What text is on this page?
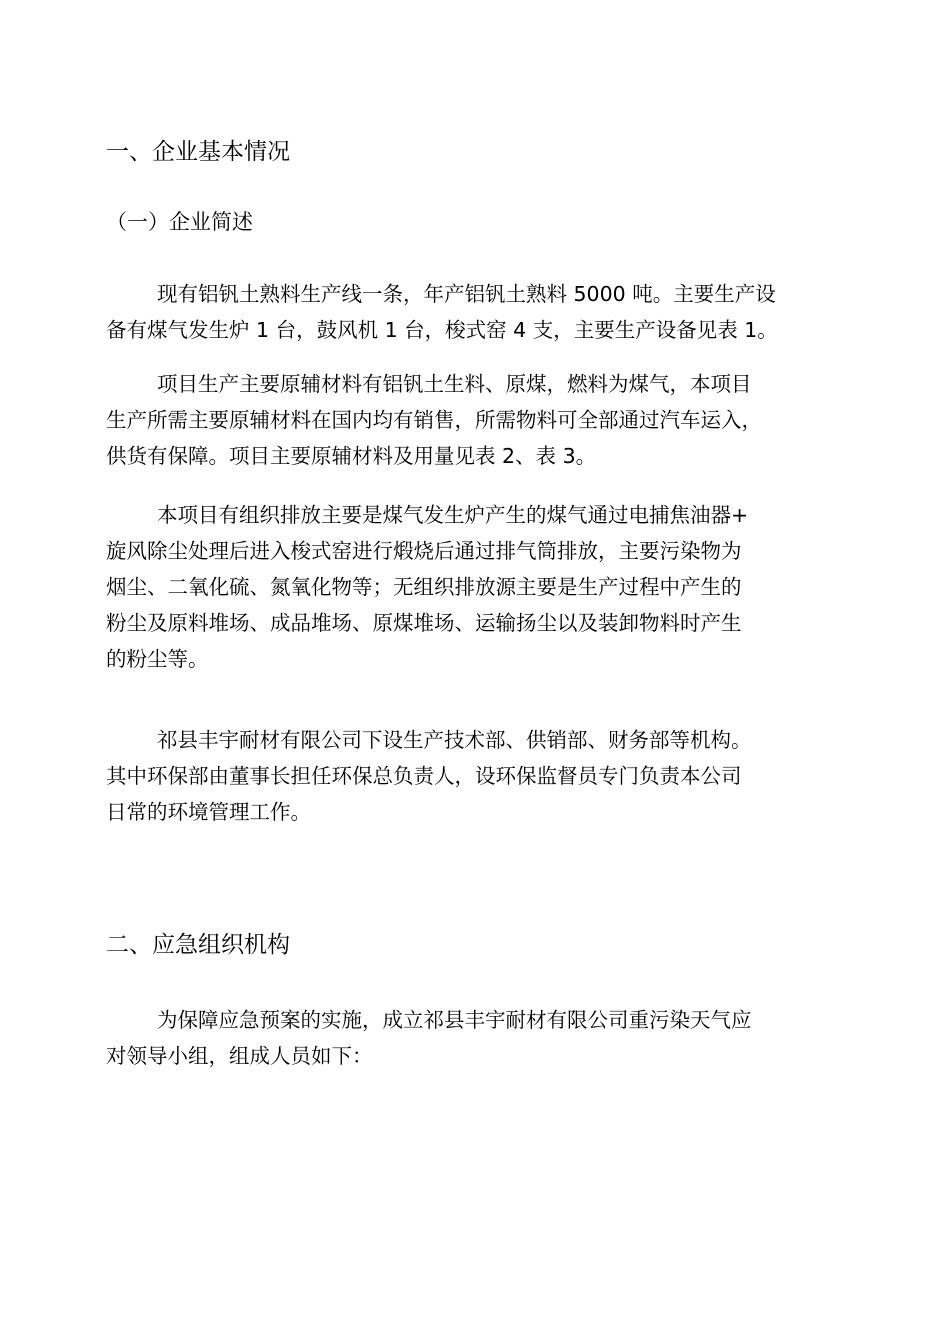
一、企业基本情况
（一）企业简述
现有铝钒土熟料生产线一条，年产铝钒土熟料 5000 吨。主要生产设
备有煤气发生炉 1 台，鼓风机 1 台，梭式窑 4 支，主要生产设备见表 1。
项目生产主要原辅材料有铝钒土生料、原煤，燃料为煤气，本项目
生产所需主要原辅材料在国内均有销售，所需物料可全部通过汽车运入，
供货有保障。项目主要原辅材料及用量见表 2、表 3。
本项目有组织排放主要是煤气发生炉产生的煤气通过电捕焦油器+
旋风除尘处理后进入梭式窑进行煅烧后通过排气筒排放，主要污染物为
烟尘、二氧化硫、氮氧化物等；无组织排放源主要是生产过程中产生的
粉尘及原料堆场、成品堆场、原煤堆场、运输扬尘以及装卸物料时产生
的粉尘等。
祁县丰宇耐材有限公司下设生产技术部、供销部、财务部等机构。
其中环保部由董事长担任环保总负责人，设环保监督员专门负责本公司
日常的环境管理工作。
二、应急组织机构
为保障应急预案的实施，成立祁县丰宇耐材有限公司重污染天气应
对领导小组，组成人员如下：
